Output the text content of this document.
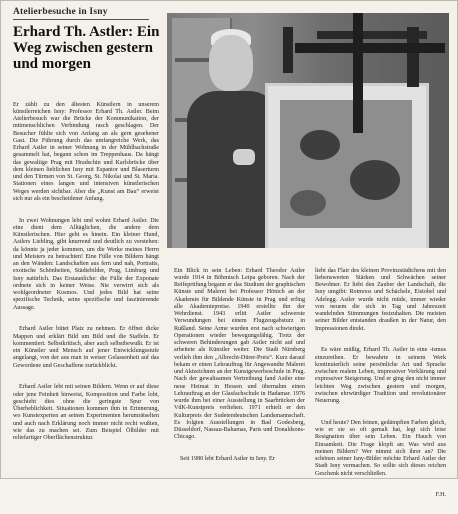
Atelierbesuche in Isny
Erhard Th. Astler: Ein Weg zwischen gestern und morgen

Er zählt zu den ältesten Künstlern in unserem künstlerreichen Isny: Professor Erhard Th. Astler. Beim Atelierbesuch war die Brücke der Kommunikation, der mitmenschlichen Verbindung rasch geschlagen. Der Besucher fühlte sich von Anfang an als gern gesehener Gast. Die Führung durch das umfangreiche Werk, das Erhard Astler in seiner Wohnung in der Mühlbachstraße gesammelt hat, begann schon im Treppenhaus. Da hängt das gewaltige Prag mit Hradschin und Karlsbrücke über dem kleinen lieblichen Isny mit Espantor und Blaserturm und den Türmen von St. Georg, St. Nikolai und St. Maria. Stationen eines langen und intensiven künstlerischen Weges werden sichtbar. Aber die „Kunst am Bau“ erweist sich nur als ein bescheidener Anfang.

In zwei Wohnungen lebt und wohnt Erhard Astler. Die eine dient dem Alltäglichen, die andere dem Künstlerischen. Hier geht es hinein. Ein kleiner Hund, Astlers Liebling, gibt knurrend und deutlich zu verstehen: da könnte ja jeder kommen, um die Werke meines Herrn und Meisters zu betrachten! Eine Fülle von Bildern hängt an den Wänden: Landschaften aus fern und nah, Portraits, exotische Schönheiten, Städtebilder, Prag, Limburg und Isny natürlich. Das Erstaunliche: die Fülle der Exponate ordnete sich in keiner Weise. Nie verwirrt sich als wohlgeordneter Kosmos. Und jedes Bild hat seine spezifische Technik, seine spezifische und faszinierende Aussage.

Erhard Astler bittet Platz zu nehmen. Er öffnet dicke Mappen und erklärt Bild um Bild und die Staffeln. Er kommentiert. Selbstkritisch, aber auch selbstbewußt. Er ist ein Künstler und Mensch auf jener Entwicklungsstufe angelangt, von der aus man in weiser Gelassenheit auf das Gewordene und Geschaffene zurückblickt.

Erhard Astler lebt mit seinen Bildern. Wenn er auf diese oder jene Feinheit hinweist, Komposition und Farbe lobt, geschieht dies ohne die geringste Spur von Überheblichkeit. Situationen kommen ihm in Erinnerung, wo Kunstexperten an seinen Experimenten herumrätselten und auch nach Erklärung noch immer nicht recht wußten, wie das zu machen sei. Zum Beispiel Ölbilder mit reliefartiger Oberflächenstruktur.

Ein Blick in sein Leben: Erhard Theodor Astler wurde 1914 in Böhmisch Leipa geboren. Nach der Reifeprüfung begann er das Studium der graphischen Künste und Malerei bei Professor Hönich an der Akademie für Bildende Künste in Prag und erfing alle Akademiepreise. 1940 erstellte ihn der Wehrdienst. 1943 erlitt Astler schwerste Verwundungen bei einem Flugzeugabsturz in Rußland. Seine Arme wurden erst nach schwierigen Operationen wieder bewegungsfähig. Trotz der schweren Behinderungen gab Astler nicht auf und arbeitete als Künstler weiter. Die Stadt Nürnberg verlieh ihm den „Albrecht-Dürer-Preis“. Kurz darauf bekam er einen Lehrauftrag für Angewandte Malerei und Aktzeichnen an der Kunstgewerbeschule in Prag. Nach der gewaltsamen Vertreibung fand Astler eine neue Heimat in Hessen und übernahm einen Lehrauftrag an der Glasfachschule in Hadamar. 1976 wurde ihm bei einer Ausstellung in Saarbrücken der VdK-Kunstpreis verliehen. 1971 erhielt er den Kulturpreis der Sudetendeutschen Landsmannschaft. Es folgten Ausstellungen in Bad Godesberg, Düsseldorf, Nassau-Bahamas, Paris und Donaldsons-Chicago.

Seit 1980 lebt Erhard Astler in Isny. Er

liebt das Flair des kleinen Provinzstädtchens mit den liebenswerten Stärken und Schwächen seiner Bewohner. Er liebt den Zauber der Landschaft, die Isny umgibt: Rotmoos und Schächele, Eistobel und Adelegg. Astler wurde nicht müde, immer wieder von neuem die sich in Tag und Jahreszeit wandelnden Stimmungen festzuhalten. Die meisten seiner Bilder entstanden draußen in der Natur, den Impressionen direkt.

Es wäre müßig, Erhard Th. Astler in eine -ismus einzureihen. Er bewahrte in seinem Werk kontinuierlich seine persönliche Art und Sprache zwischen realem Leben, impressiver Verklärung und expressiver Steigerung. Und er ging den nicht immer leichten Weg zwischen gestern und morgen, zwischen ehrwürdiger Tradition und revolutionärer Neuerung.

Und heute? Den feinen, gedämpften Farben gleich, wie er sie so oft gemalt hat, legt sich leise Resignation über sein Leben. Ein Hauch von Einsamkeit. Die Frage klopft an: Was wird aus meinen Bildern? Wer nimmt sich ihrer an? Die schönen seiner Isny-Bilder möchte Erhard Astler der Stadt Isny vermachen. So sollte sich dieses reichen Geschenk nicht verschließen.

F.H.
